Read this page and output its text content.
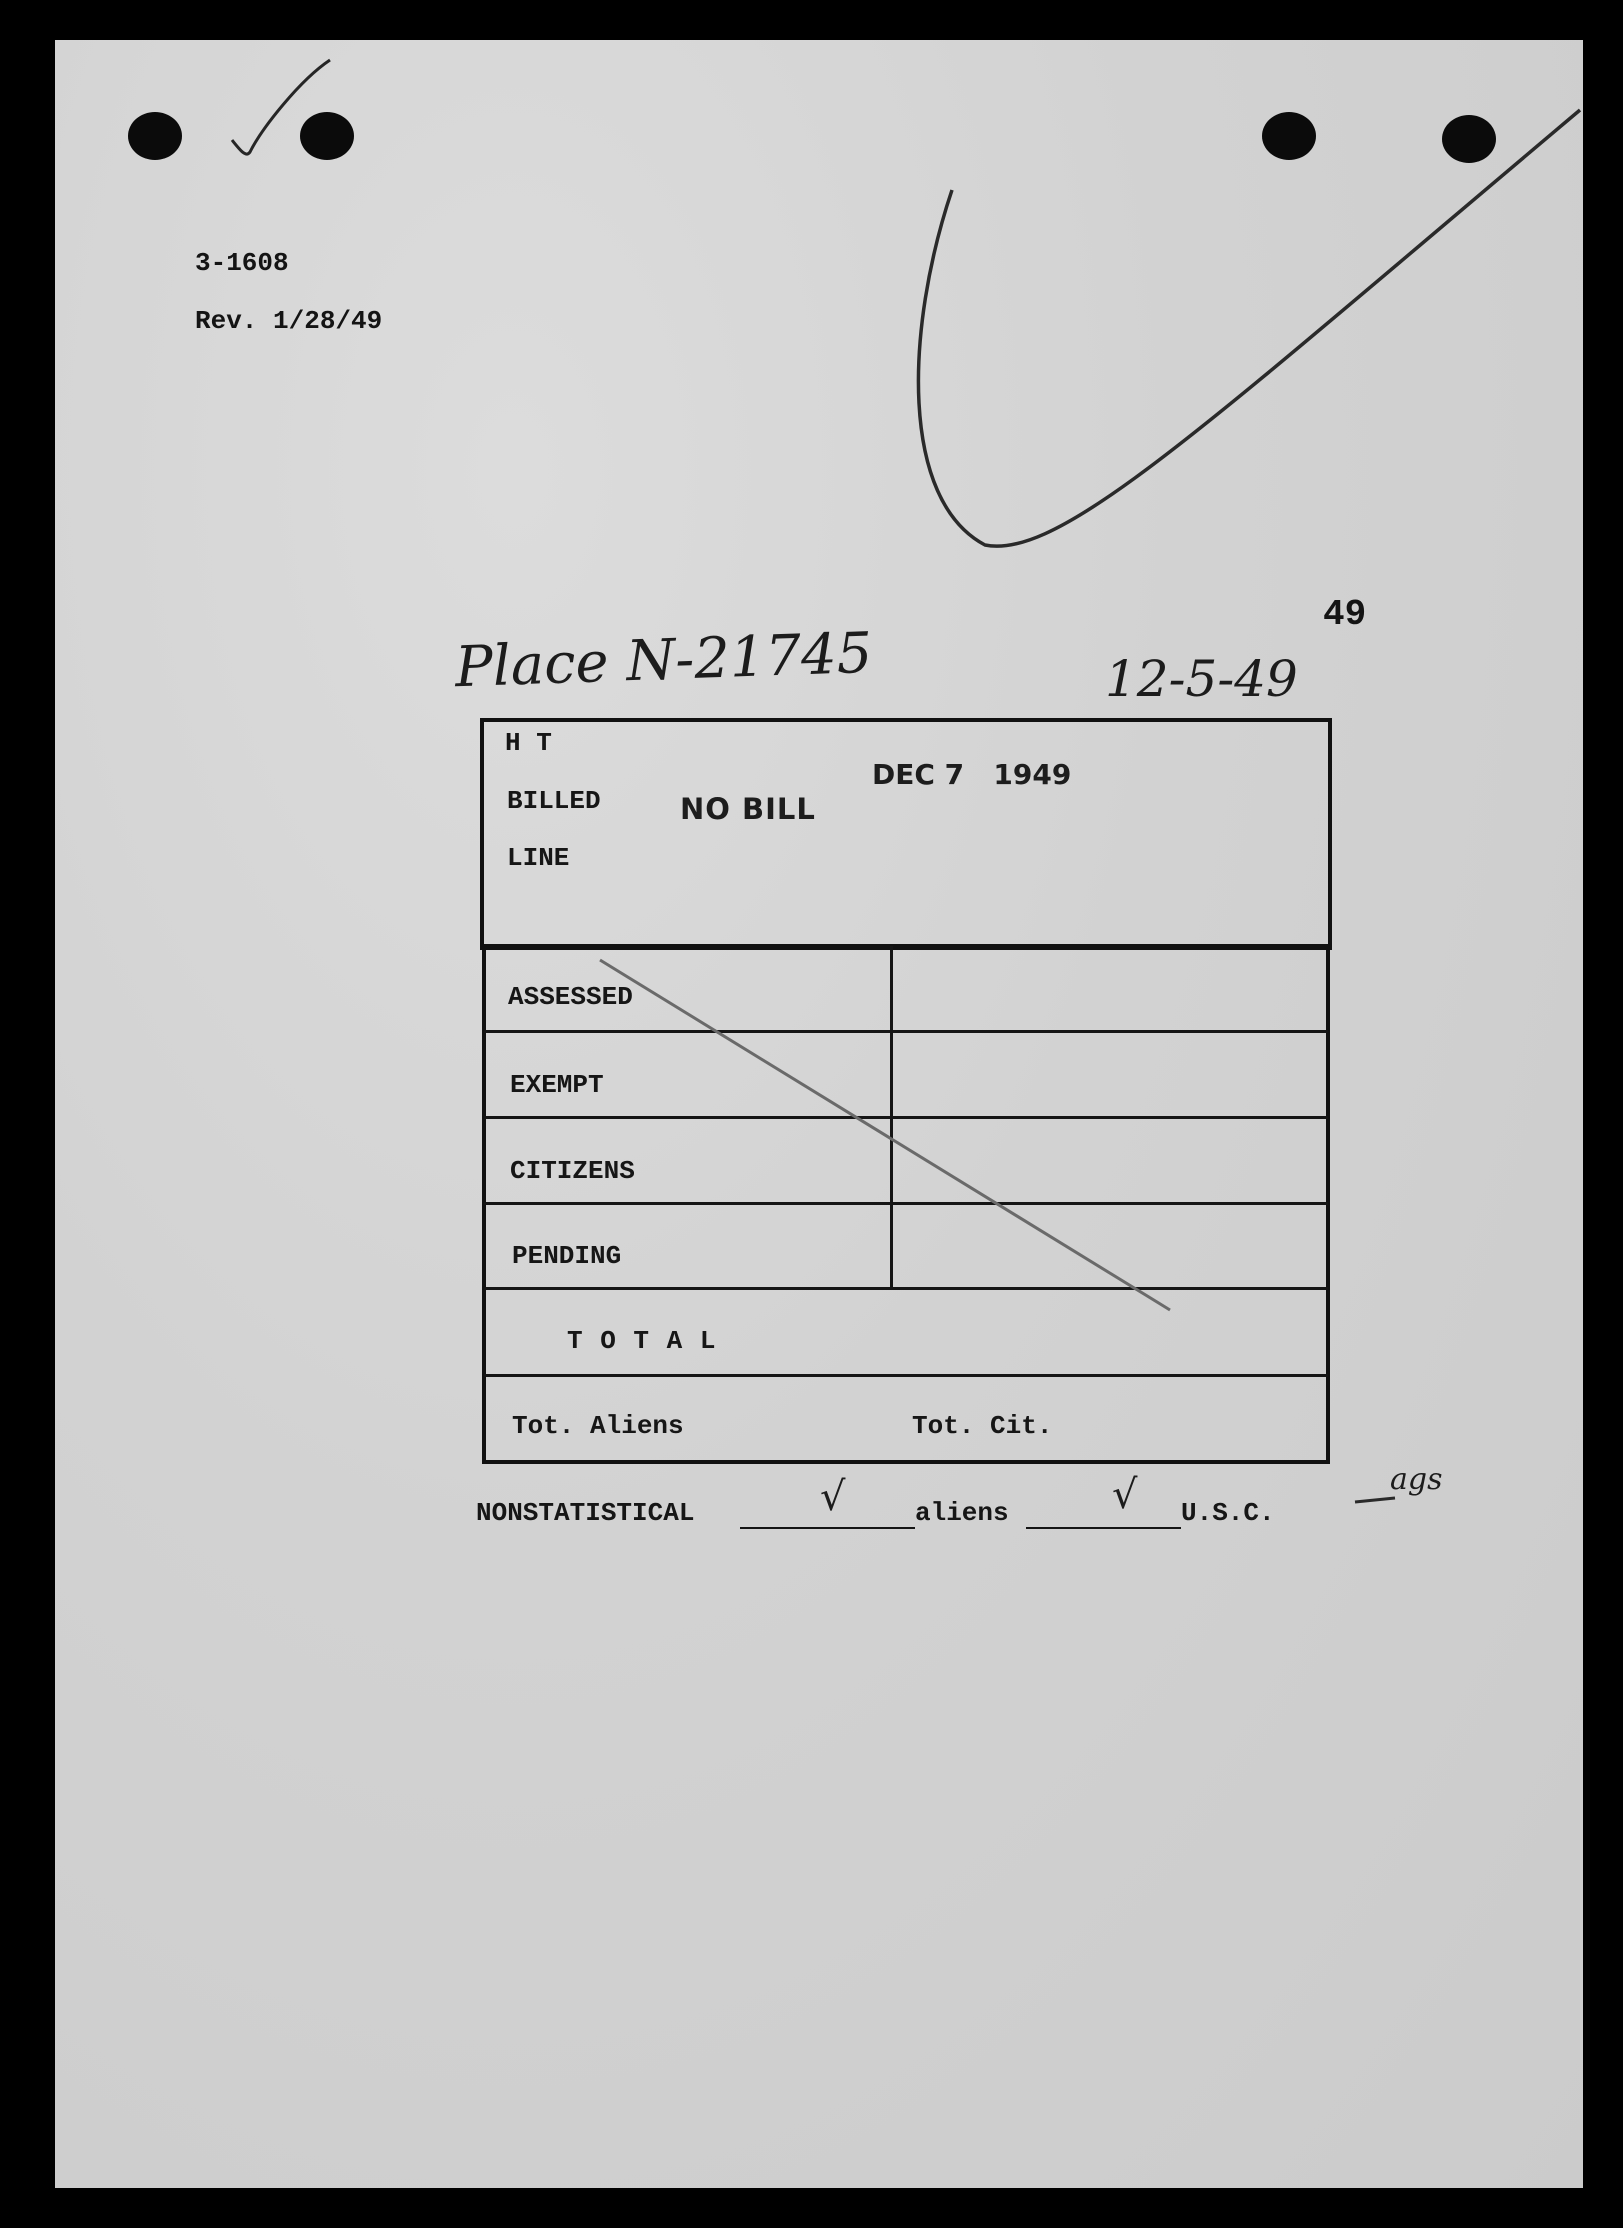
3-1608
Rev. 1/28/49
49
Place N-21745	12-5-49
ags
H T
BILLED
LINE
NO BILL
DEC 7   1949
ASSESSED
EXEMPT
CITIZENS
PENDING
T O T A L
Tot. Aliens	Tot. Cit.
NONSTATISTICAL	√	aliens	√ U.S.C.
